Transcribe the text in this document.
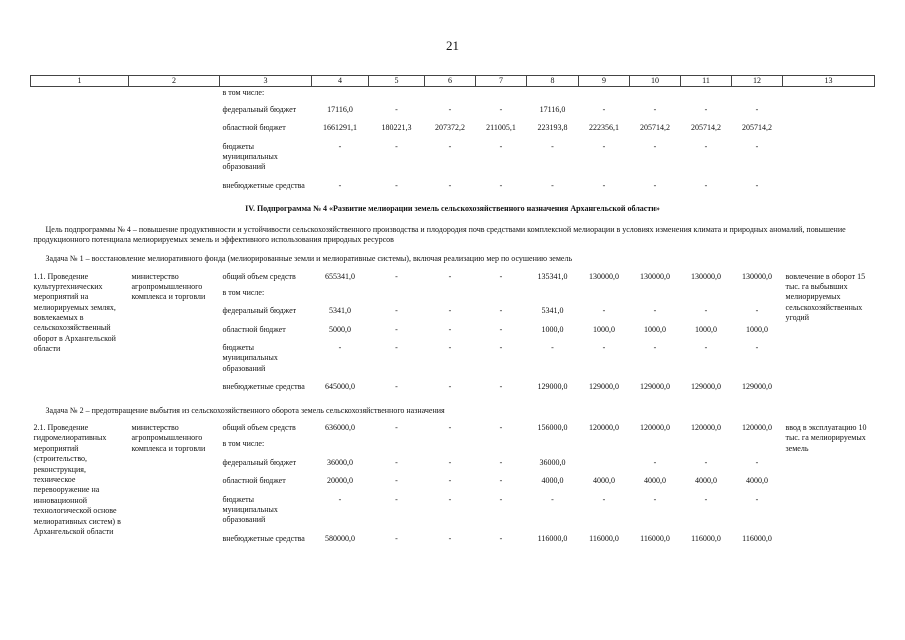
21
1	2	3	4	5	6	7	8	9	10	11	12	13
		в том числе:										

		федеральный бюджет	17116,0	-	-	-	17116,0	-	-	-	-	

		областной бюджет	1661291,1	180221,3	207372,2	211005,1	223193,8	222356,1	205714,2	205714,2	205714,2	

		бюджеты муниципальных образований	-	-	-	-	-	-	-	-	-	

		внебюджетные средства	-	-	-	-	-	-	-	-	-	

IV. Подпрограмма № 4 «Развитие мелиорации земель сельскохозяйственного назначения Архангельской области»												
Цель подпрограммы № 4 – повышение продуктивности и устойчивости сельскохозяйственного производства и плодородия почв средствами комплексной мелиорации в условиях изменения климата и природных аномалий, повышение продукционного потенциала мелиорируемых земель и эффективного использования природных ресурсов												
Задача № 1 – восстановление мелиоративного фонда (мелиорированные земли и мелиоративные системы), включая реализацию мер по осушению земель												
1.1. Проведение культуртехнических мероприятий на мелиорируемых землях, вовлекаемых в сельскохозяйственный оборот в Архангельской области	министерство агропромышленного комплекса и торговли	общий объем средств	655341,0	-	-	-	135341,0	130000,0	130000,0	130000,0	130000,0	вовлечение в оборот 15 тыс. га выбывших мелиорируемых сельскохозяйственных угодий

		в том числе:										

		федеральный бюджет	5341,0	-	-	-	5341,0	-	-	-	-	

		областной бюджет	5000,0	-	-	-	1000,0	1000,0	1000,0	1000,0	1000,0	

		бюджеты муниципальных образований	-	-	-	-	-	-	-	-	-	

		внебюджетные средства	645000,0	-	-	-	129000,0	129000,0	129000,0	129000,0	129000,0	

Задача № 2 – предотвращение выбытия из сельскохозяйственного оборота земель сельскохозяйственного назначения												
2.1. Проведение гидромелиоративных мероприятий (строительство, реконструкция, техническое перевооружение на инновационной технологической основе мелиоративных систем) в Архангельской области	министерство агропромышленного комплекса и торговли	общий объем средств	636000,0	-	-	-	156000,0	120000,0	120000,0	120000,0	120000,0	ввод в эксплуатацию 10 тыс. га мелиорируемых земель

		в том числе:										

		федеральный бюджет	36000,0	-	-	-	36000,0		-	-	-	

		областной бюджет	20000,0	-	-	-	4000,0	4000,0	4000,0	4000,0	4000,0	

		бюджеты муниципальных образований	-	-	-	-	-	-	-	-	-	

		внебюджетные средства	580000,0	-	-	-	116000,0	116000,0	116000,0	116000,0	116000,0	
